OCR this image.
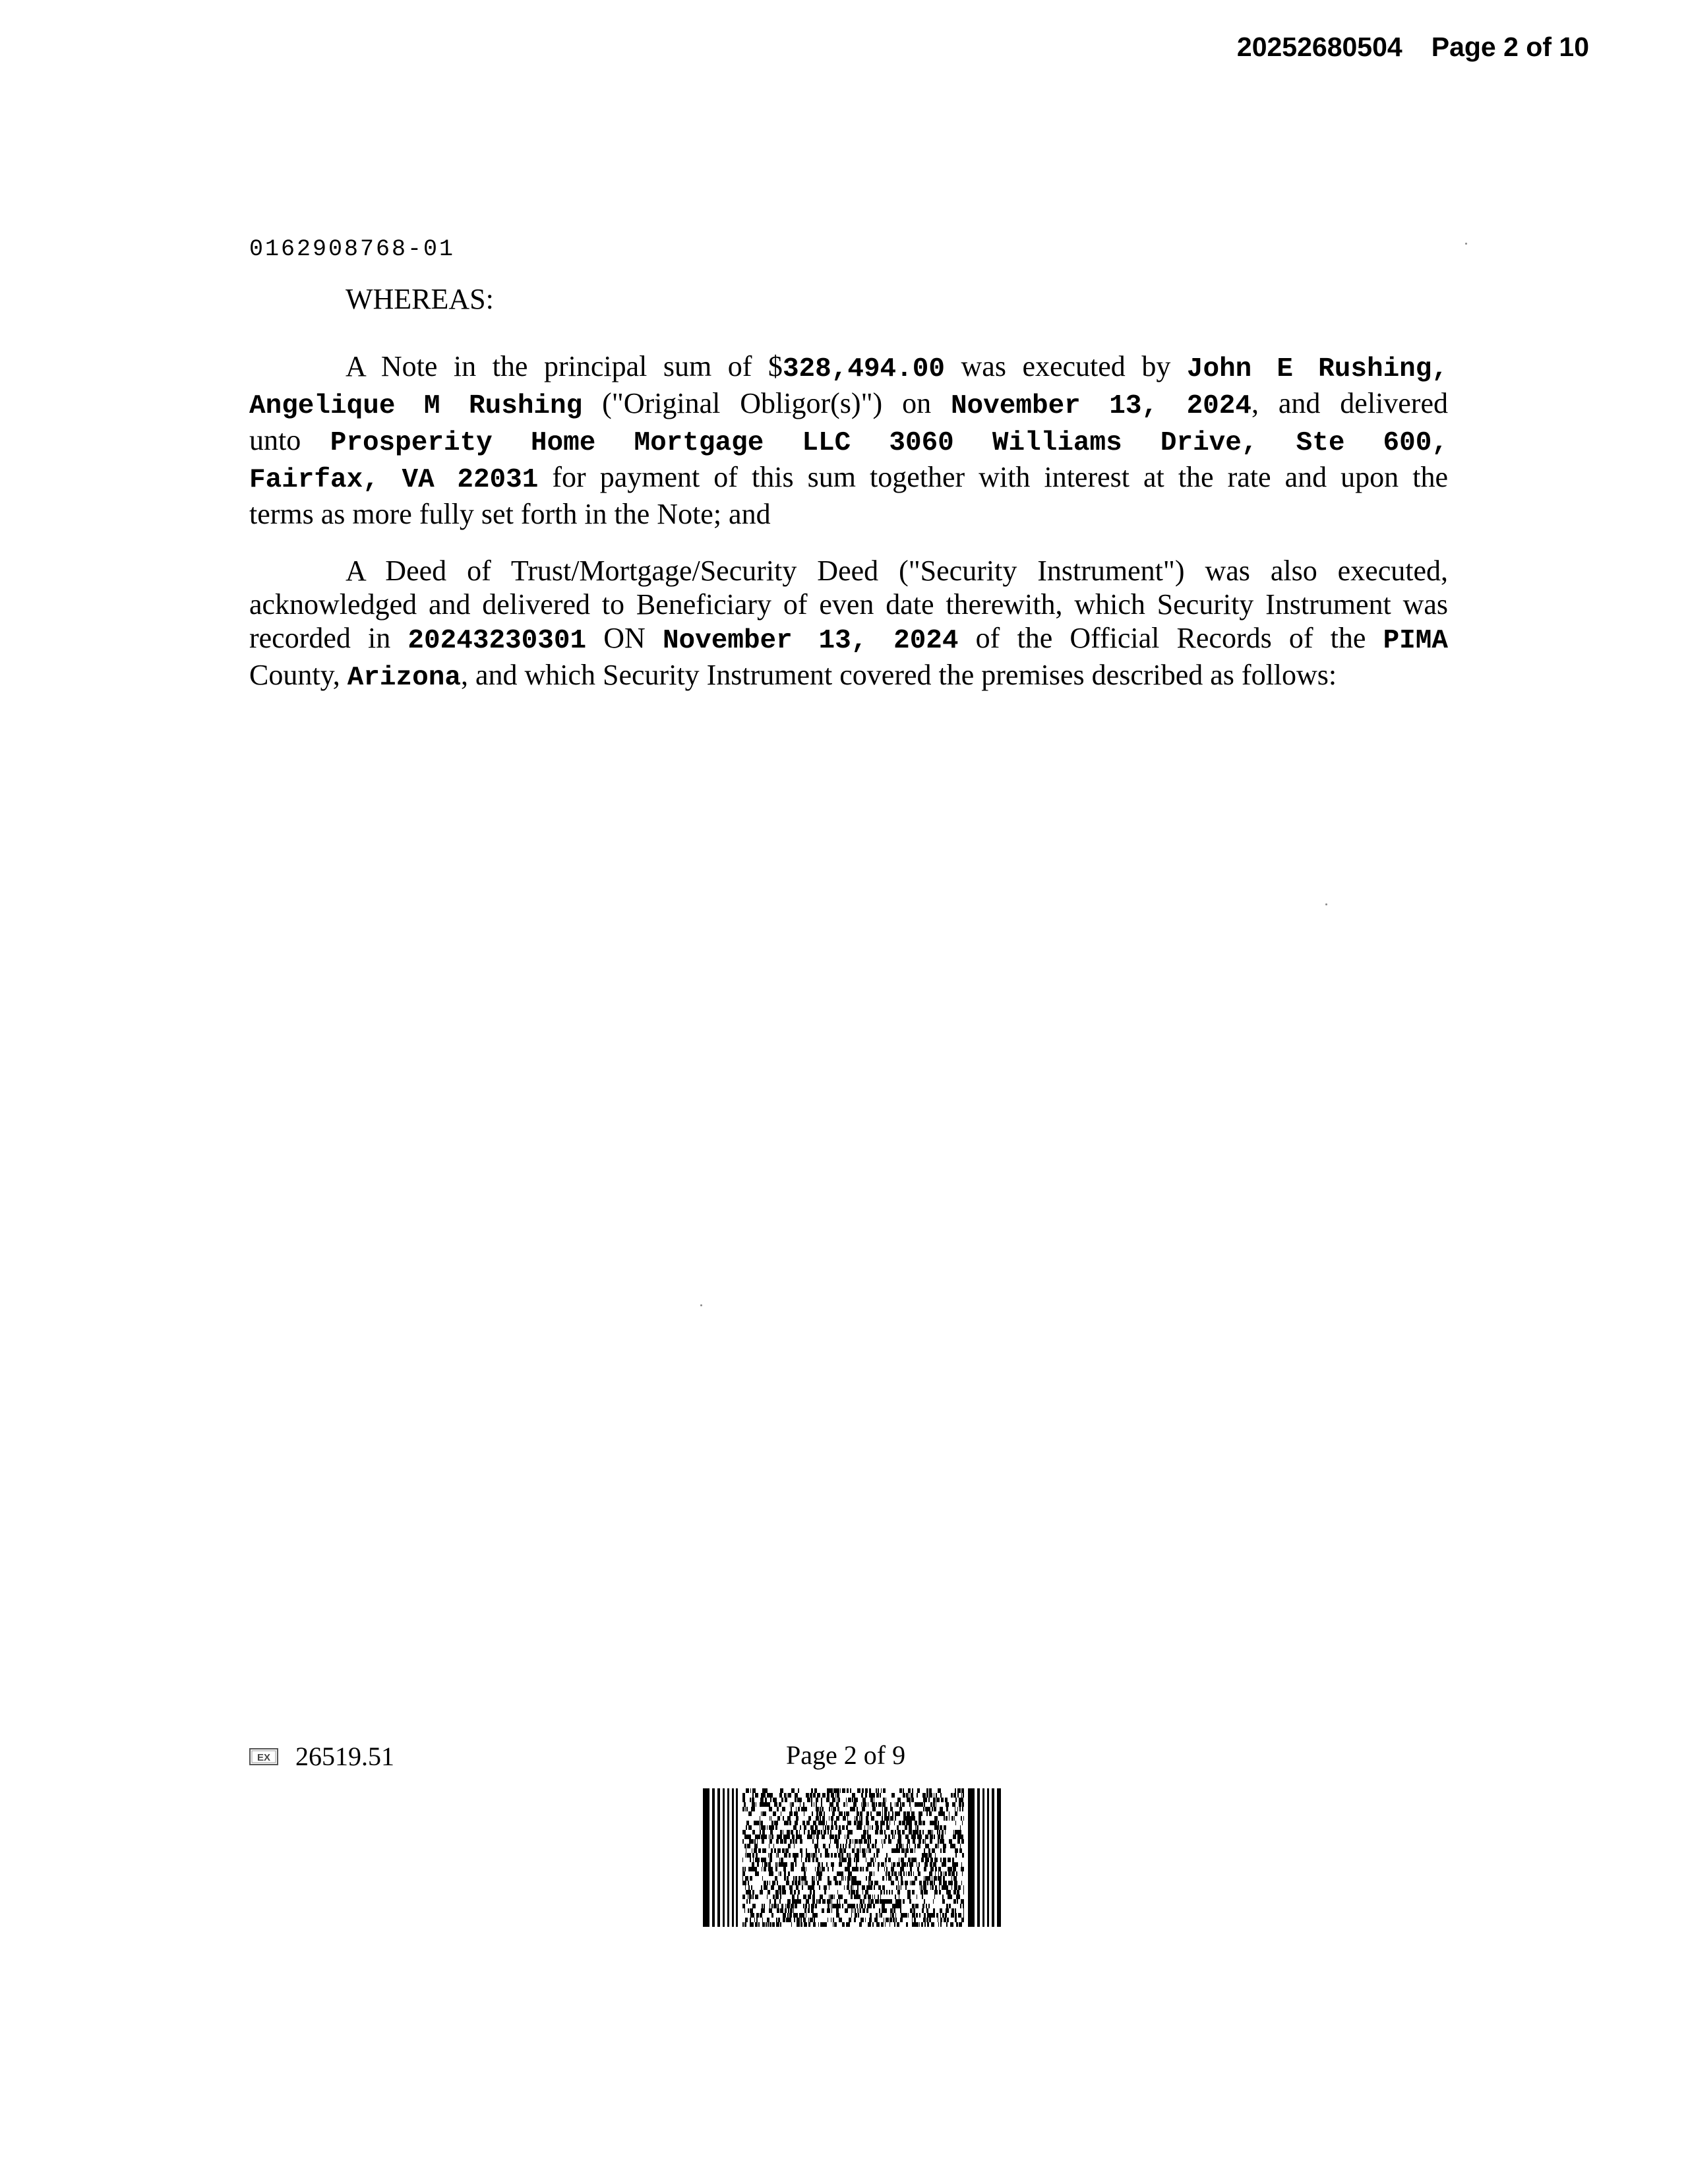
20252680504 Page 2 of 10
0162908768-01
WHEREAS:
A Note in the principal sum of $328,494.00 was executed by John E Rushing,
Angelique M Rushing ("Original Obligor(s)") on November 13, 2024, and delivered
unto Prosperity Home Mortgage LLC 3060 Williams Drive, Ste 600,
Fairfax, VA 22031 for payment of this sum together with interest at the rate and upon the
terms as more fully set forth in the Note; and
A Deed of Trust/Mortgage/Security Deed ("Security Instrument") was also executed,
acknowledged and delivered to Beneficiary of even date therewith, which Security Instrument was
recorded in 20243230301 ON November 13, 2024 of the Official Records of the PIMA
County, Arizona, and which Security Instrument covered the premises described as follows:
EX 26519.51	Page 2 of 9
